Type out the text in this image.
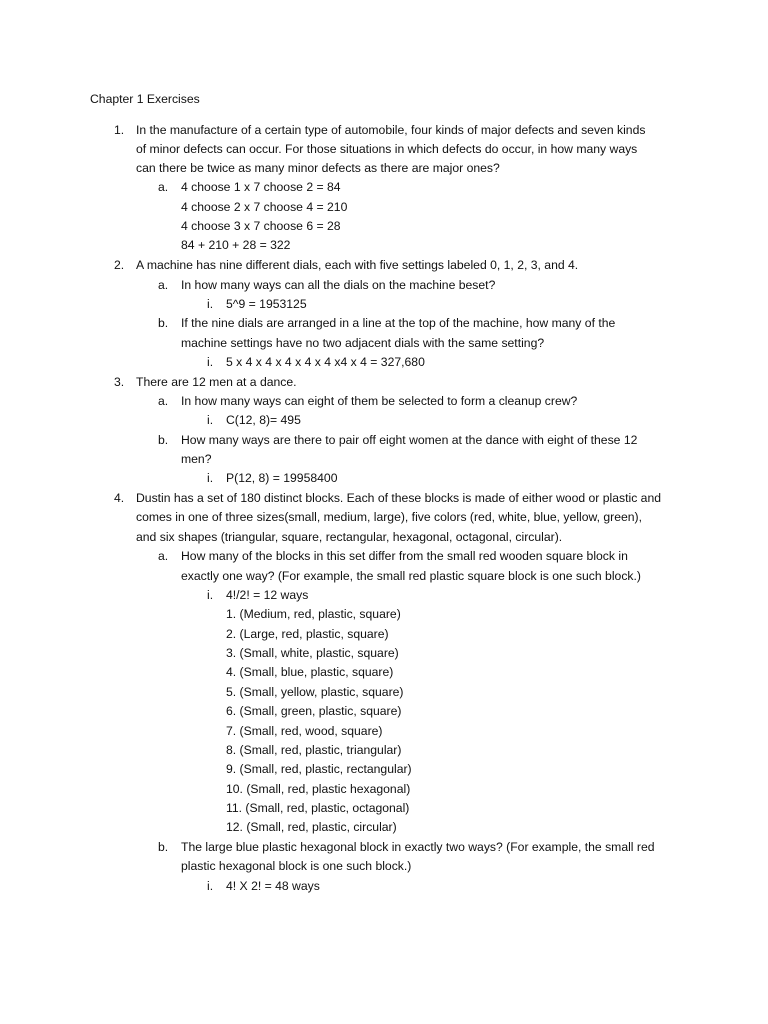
Chapter 1 Exercises
1. In the manufacture of a certain type of automobile, four kinds of major defects and seven kinds
of minor defects can occur. For those situations in which defects do occur, in how many ways
can there be twice as many minor defects as there are major ones?
a. 4 choose 1 x 7 choose 2 = 84
4 choose 2 x 7 choose 4 = 210
4 choose 3 x 7 choose 6 = 28
84 + 210 + 28 = 322
2. A machine has nine different dials, each with five settings labeled 0, 1, 2, 3, and 4.
a. In how many ways can all the dials on the machine beset?
i. 5^9 = 1953125
b. If the nine dials are arranged in a line at the top of the machine, how many of the
machine settings have no two adjacent dials with the same setting?
i. 5 x 4 x 4 x 4 x 4 x 4 x4 x 4 = 327,680
3. There are 12 men at a dance.
a. In how many ways can eight of them be selected to form a cleanup crew?
i. C(12, 8)= 495
b. How many ways are there to pair off eight women at the dance with eight of these 12
men?
i. P(12, 8) = 19958400
4. Dustin has a set of 180 distinct blocks. Each of these blocks is made of either wood or plastic and
comes in one of three sizes(small, medium, large), five colors (red, white, blue, yellow, green),
and six shapes (triangular, square, rectangular, hexagonal, octagonal, circular).
a. How many of the blocks in this set differ from the small red wooden square block in
exactly one way? (For example, the small red plastic square block is one such block.)
i. 4!/2! = 12 ways
1. (Medium, red, plastic, square)
2. (Large, red, plastic, square)
3. (Small, white, plastic, square)
4. (Small, blue, plastic, square)
5. (Small, yellow, plastic, square)
6. (Small, green, plastic, square)
7. (Small, red, wood, square)
8. (Small, red, plastic, triangular)
9. (Small, red, plastic, rectangular)
10. (Small, red, plastic hexagonal)
11. (Small, red, plastic, octagonal)
12. (Small, red, plastic, circular)
b. The large blue plastic hexagonal block in exactly two ways? (For example, the small red
plastic hexagonal block is one such block.)
i. 4! X 2! = 48 ways
